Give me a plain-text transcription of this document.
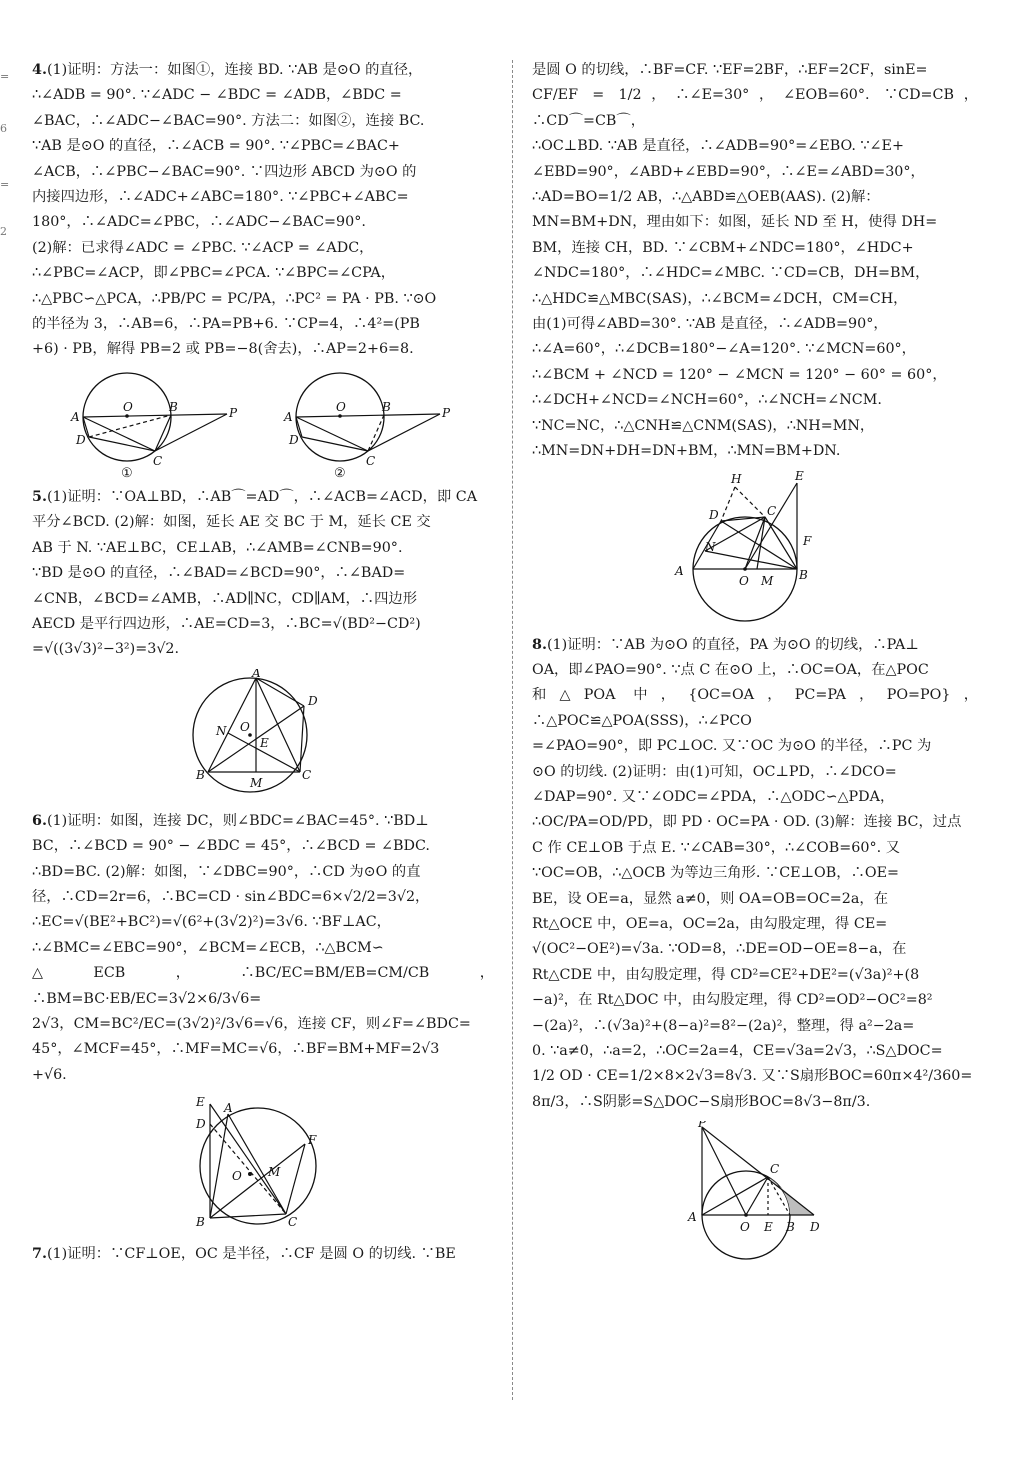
=
6
=
2

4.(1)证明：方法一：如图①，连接 BD. ∵AB 是⊙O 的直径，

∴∠ADB = 90°. ∵∠ADC − ∠BDC = ∠ADB，∠BDC =

∠BAC，∴∠ADC−∠BAC=90°. 方法二：如图②，连接 BC.

∵AB 是⊙O 的直径，∴∠ACB = 90°. ∵∠PBC=∠BAC+

∠ACB，∴∠PBC−∠BAC=90°. ∵四边形 ABCD 为⊙O 的

内接四边形，∴∠ADC+∠ABC=180°. ∵∠PBC+∠ABC=

180°，∴∠ADC=∠PBC，∴∠ADC−∠BAC=90°.

(2)解：已求得∠ADC = ∠PBC. ∵∠ACP = ∠ADC，

∴∠PBC=∠ACP，即∠PBC=∠PCA. ∵∠BPC=∠CPA，

∴△PBC∽△PCA，∴PB/PC = PC/PA，∴PC² = PA · PB. ∵⊙O

的半径为 3，∴AB=6，∴PA=PB+6. ∵CP=4，∴4²=(PB

+6) · PB，解得 PB=2 或 PB=−8(舍去)，∴AP=2+6=8.

A
O	B	P
D
C
①
A
O	B	P
D
C
②

5.(1)证明：∵OA⊥BD，∴AB⌒=AD⌒，∴∠ACB=∠ACD，即 CA

平分∠BCD. (2)解：如图，延长 AE 交 BC 于 M，延长 CE 交

AB 于 N. ∵AE⊥BC，CE⊥AB，∴∠AMB=∠CNB=90°.

∵BD 是⊙O 的直径，∴∠BAD=∠BCD=90°，∴∠BAD=

∠CNB，∠BCD=∠AMB，∴AD∥NC，CD∥AM，∴四边形

AECD 是平行四边形，∴AE=CD=3，∴BC=√(BD²−CD²)

=√((3√3)²−3²)=3√2.

A
D
N O
E
B
M
C

6.(1)证明：如图，连接 DC，则∠BDC=∠BAC=45°. ∵BD⊥

BC，∴∠BCD = 90° − ∠BDC = 45°，∴∠BCD = ∠BDC.

∴BD=BC. (2)解：如图，∵∠DBC=90°，∴CD 为⊙O 的直

径，∴CD=2r=6，∴BC=CD · sin∠BDC=6×√2/2=3√2，

∴EC=√(BE²+BC²)=√(6²+(3√2)²)=3√6. ∵BF⊥AC，

∴∠BMC=∠EBC=90°，∠BCM=∠ECB，∴△BCM∽

△ECB，∴BC/EC=BM/EB=CM/CB，∴BM=BC·EB/EC=3√2×6/3√6=

2√3，CM=BC²/EC=(3√2)²/3√6=√6，连接 CF，则∠F=∠BDC=

45°，∠MCF=45°，∴MF=MC=√6，∴BF=BM+MF=2√3

+√6.

E A
D
F
O M
B	C

7.(1)证明：∵CF⊥OE，OC 是半径，∴CF 是圆 O 的切线. ∵BE

是圆 O 的切线，∴BF=CF. ∵EF=2BF，∴EF=2CF，sinE=

CF/EF = 1/2，∴∠E=30°，∠EOB=60°. ∵CD=CB，∴CD⌒=CB⌒，

∴OC⊥BD. ∵AB 是直径，∴∠ADB=90°=∠EBO. ∵∠E+

∠EBD=90°，∠ABD+∠EBD=90°，∴∠E=∠ABD=30°，

∴AD=BO=1/2 AB，∴△ABD≌△OEB(AAS). (2)解：

MN=BM+DN，理由如下：如图，延长 ND 至 H，使得 DH=

BM，连接 CH，BD. ∵∠CBM+∠NDC=180°，∠HDC+

∠NDC=180°，∴∠HDC=∠MBC. ∵CD=CB，DH=BM，

∴△HDC≌△MBC(SAS)，∴∠BCM=∠DCH，CM=CH，

由(1)可得∠ABD=30°. ∵AB 是直径，∴∠ADB=90°，

∴∠A=60°，∴∠DCB=180°−∠A=120°. ∵∠MCN=60°，

∴∠BCM + ∠NCD = 120° − ∠MCN = 120° − 60° = 60°，

∴∠DCH+∠NCD=∠NCH=60°，∴∠NCH=∠NCM.

∵NC=NC，∴△CNH≌△CNM(SAS)，∴NH=MN，

∴MN=DN+DH=DN+BM，∴MN=BM+DN.

H	E
D	C
F
N
A
O M B

8.(1)证明：∵AB 为⊙O 的直径，PA 为⊙O 的切线，∴PA⊥

OA，即∠PAO=90°. ∵点 C 在⊙O 上，∴OC=OA，在△POC

和△POA 中，{OC=OA，PC=PA，PO=PO}，∴△POC≌△POA(SSS)，∴∠PCO

=∠PAO=90°，即 PC⊥OC. 又∵OC 为⊙O 的半径，∴PC 为

⊙O 的切线. (2)证明：由(1)可知，OC⊥PD，∴∠DCO=

∠DAP=90°. 又∵∠ODC=∠PDA，∴△ODC∽△PDA，

∴OC/PA=OD/PD，即 PD · OC=PA · OD. (3)解：连接 BC，过点

C 作 CE⊥OB 于点 E. ∵∠CAB=30°，∴∠COB=60°. 又

∵OC=OB，∴△OCB 为等边三角形. ∵CE⊥OB，∴OE=

BE，设 OE=a，显然 a≠0，则 OA=OB=OC=2a，在

Rt△OCE 中，OE=a，OC=2a，由勾股定理，得 CE=

√(OC²−OE²)=√3a. ∵OD=8，∴DE=OD−OE=8−a，在

Rt△CDE 中，由勾股定理，得 CD²=CE²+DE²=(√3a)²+(8

−a)²，在 Rt△DOC 中，由勾股定理，得 CD²=OD²−OC²=8²

−(2a)²，∴(√3a)²+(8−a)²=8²−(2a)²，整理，得 a²−2a=

0. ∵a≠0，∴a=2，∴OC=2a=4，CE=√3a=2√3，∴S△DOC=

1/2 OD · CE=1/2×8×2√3=8√3. 又∵S扇形BOC=60π×4²/360=

8π/3，∴S阴影=S△DOC−S扇形BOC=8√3−8π/3.

P
C
A
O E B D
